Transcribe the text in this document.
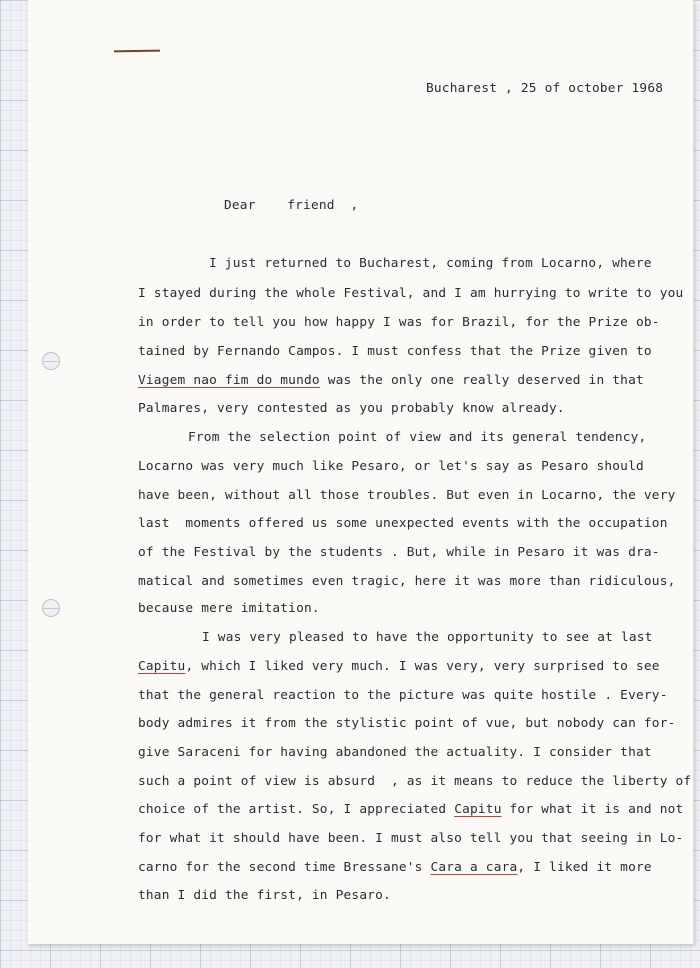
Bucharest , 25 of october 1968
Dear    friend  ,
I just returned to Bucharest, coming from Locarno, where
I stayed during the whole Festival, and I am hurrying to write to you
in order to tell you how happy I was for Brazil, for the Prize ob-
tained by Fernando Campos. I must confess that the Prize given to
Viagem nao fim do mundo was the only one really deserved in that
Palmares, very contested as you probably know already.
From the selection point of view and its general tendency,
Locarno was very much like Pesaro, or let's say as Pesaro should
have been, without all those troubles. But even in Locarno, the very
last  moments offered us some unexpected events with the occupation
of the Festival by the students . But, while in Pesaro it was dra-
matical and sometimes even tragic, here it was more than ridiculous,
because mere imitation.
I was very pleased to have the opportunity to see at last
Capitu, which I liked very much. I was very, very surprised to see
that the general reaction to the picture was quite hostile . Every-
body admires it from the stylistic point of vue, but nobody can for-
give Saraceni for having abandoned the actuality. I consider that
such a point of view is absurd  , as it means to reduce the liberty of
choice of the artist. So, I appreciated Capitu for what it is and not
for what it should have been. I must also tell you that seeing in Lo-
carno for the second time Bressane's Cara a cara, I liked it more
than I did the first, in Pesaro.
